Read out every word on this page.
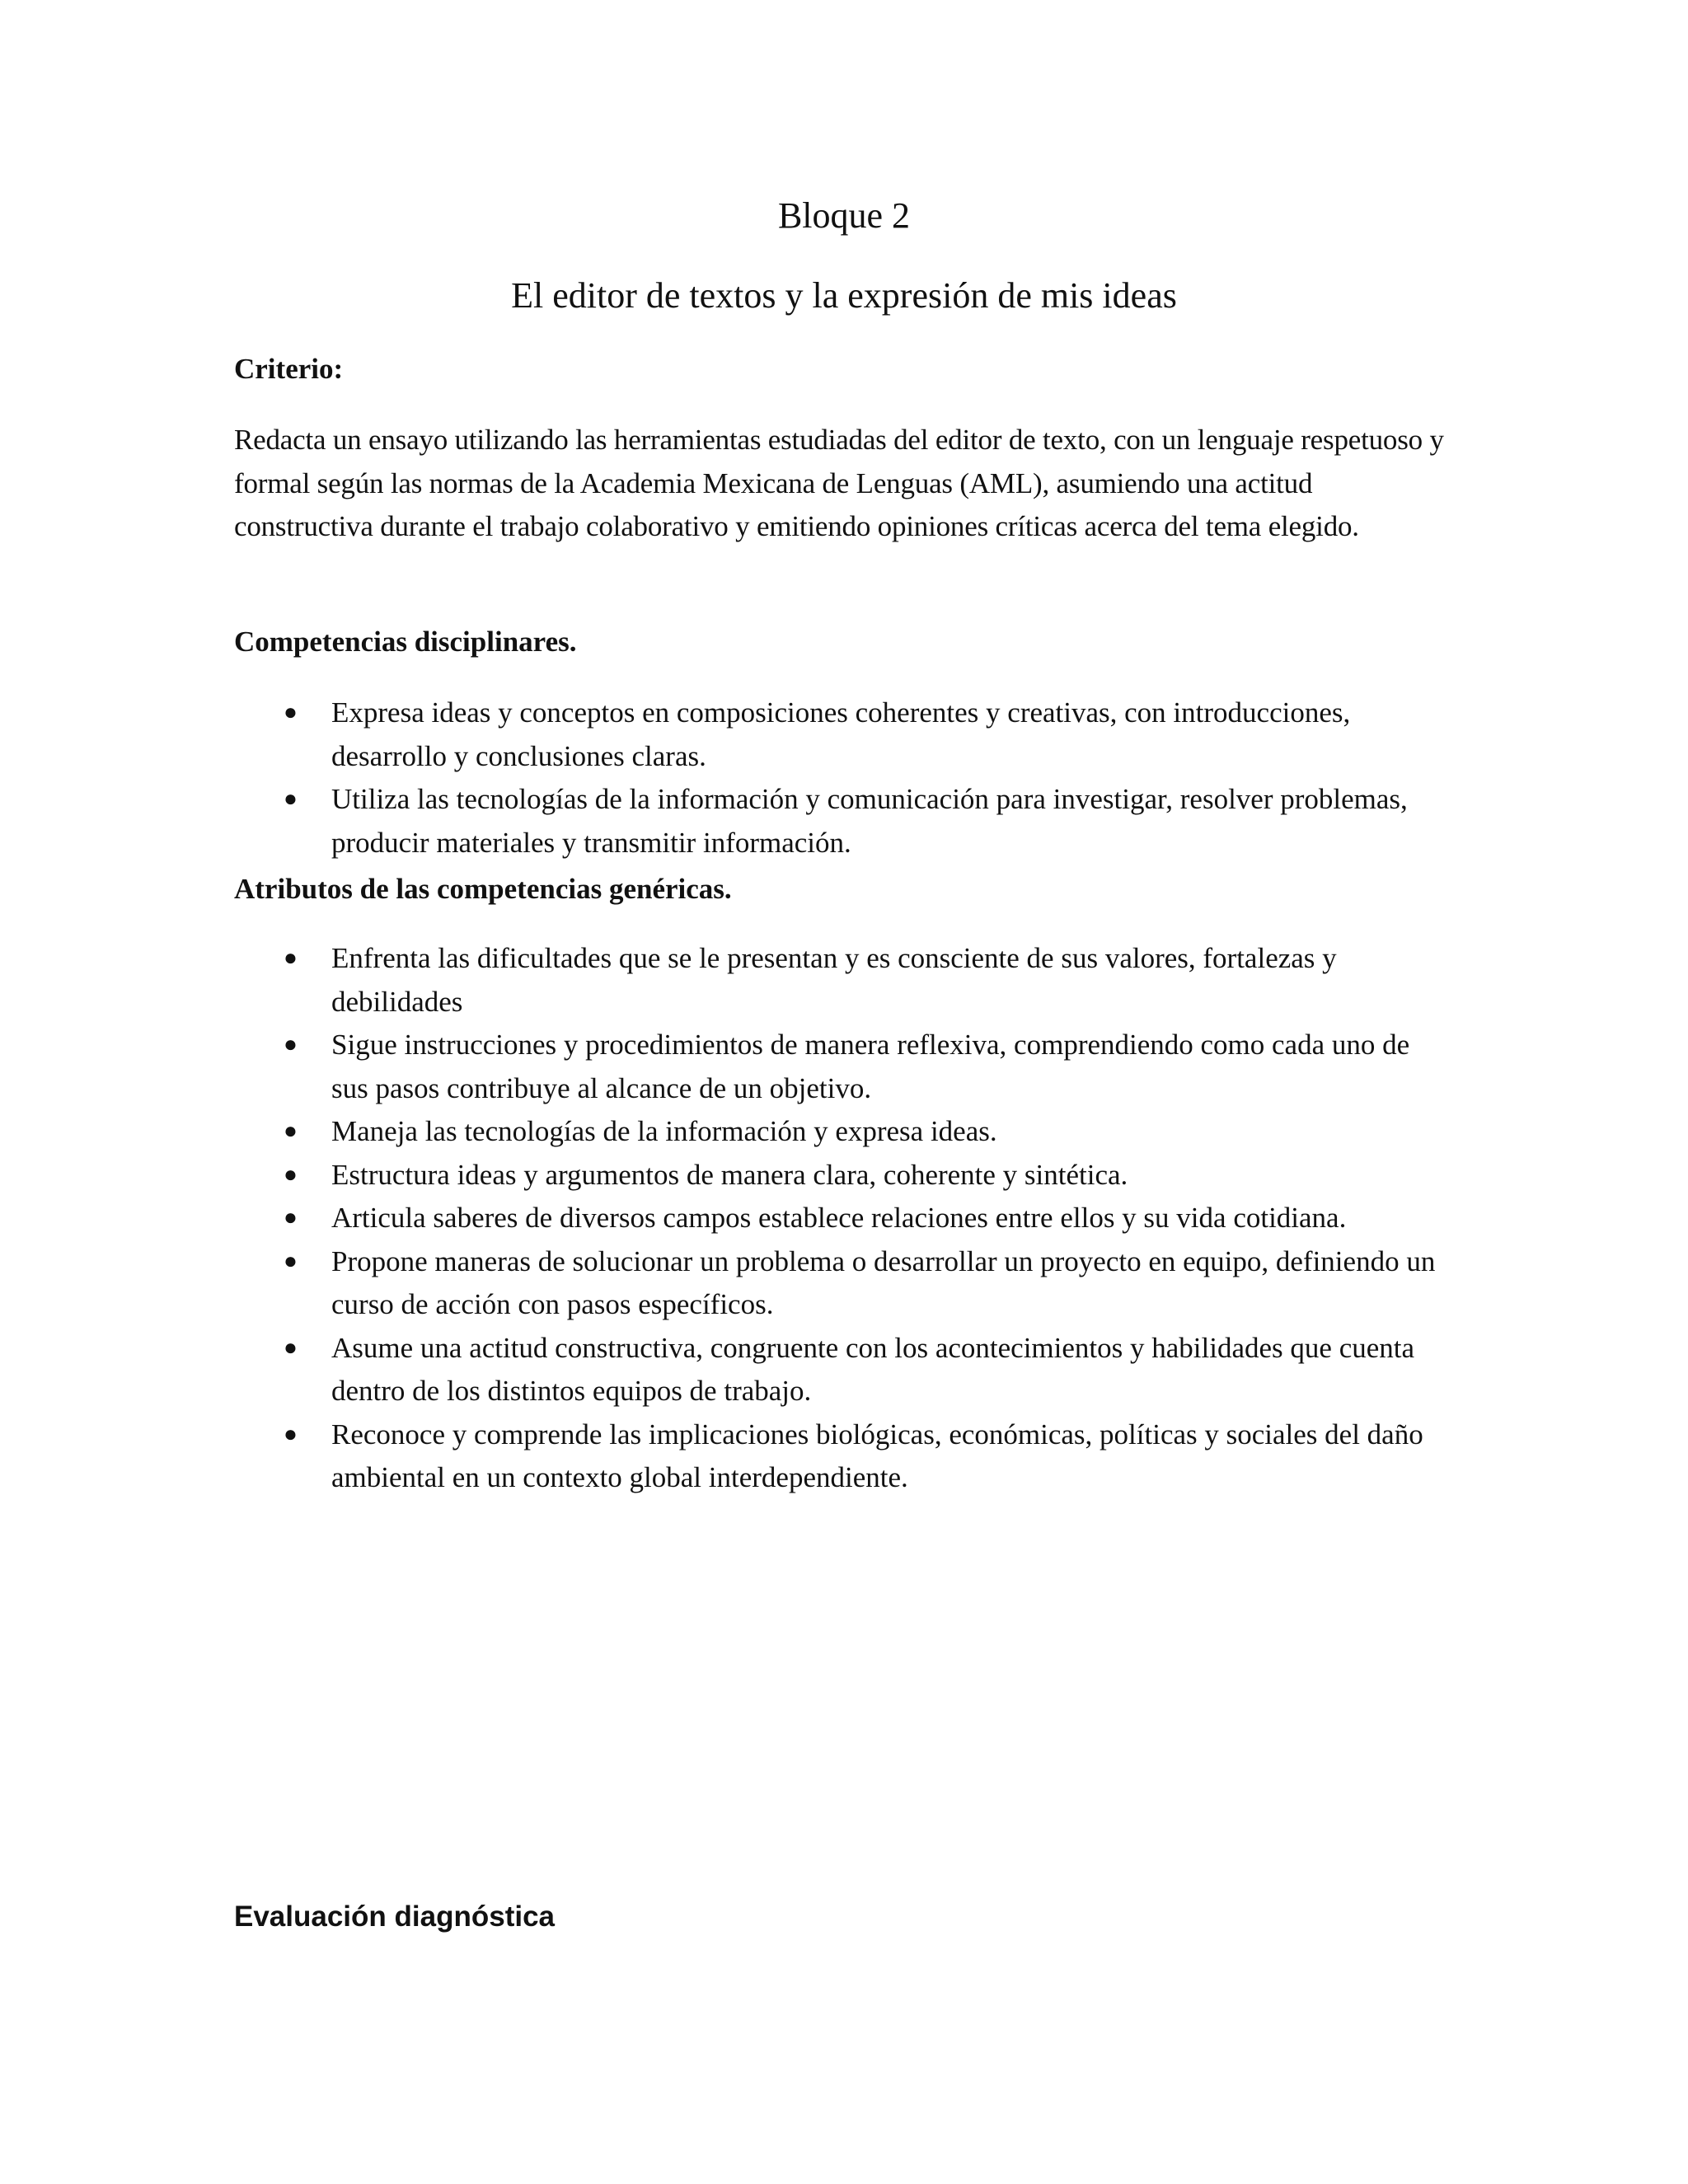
Bloque 2
El editor de textos y la expresión de mis ideas

Criterio:

Redacta un ensayo utilizando las herramientas estudiadas del editor de texto, con un lenguaje respetuoso y formal según las normas de la Academia Mexicana de Lenguas (AML), asumiendo una actitud constructiva durante el trabajo colaborativo y emitiendo opiniones críticas acerca del tema elegido.

Competencias disciplinares.

● Expresa ideas y conceptos en composiciones coherentes y creativas, con introducciones, desarrollo y conclusiones claras.
● Utiliza las tecnologías de la información y comunicación para investigar, resolver problemas, producir materiales y transmitir información.

Atributos de las competencias genéricas.

● Enfrenta las dificultades que se le presentan y es consciente de sus valores, fortalezas y debilidades
● Sigue instrucciones y procedimientos de manera reflexiva, comprendiendo como cada uno de sus pasos contribuye al alcance de un objetivo.
● Maneja las tecnologías de la información y expresa ideas.
● Estructura ideas y argumentos de manera clara, coherente y sintética.
● Articula saberes de diversos campos establece relaciones entre ellos y su vida cotidiana.
● Propone maneras de solucionar un problema o desarrollar un proyecto en equipo, definiendo un curso de acción con pasos específicos.
● Asume una actitud constructiva, congruente con los acontecimientos y habilidades que cuenta dentro de los distintos equipos de trabajo.
● Reconoce y comprende las implicaciones biológicas, económicas, políticas y sociales del daño ambiental en un contexto global interdependiente.
Evaluación diagnóstica
